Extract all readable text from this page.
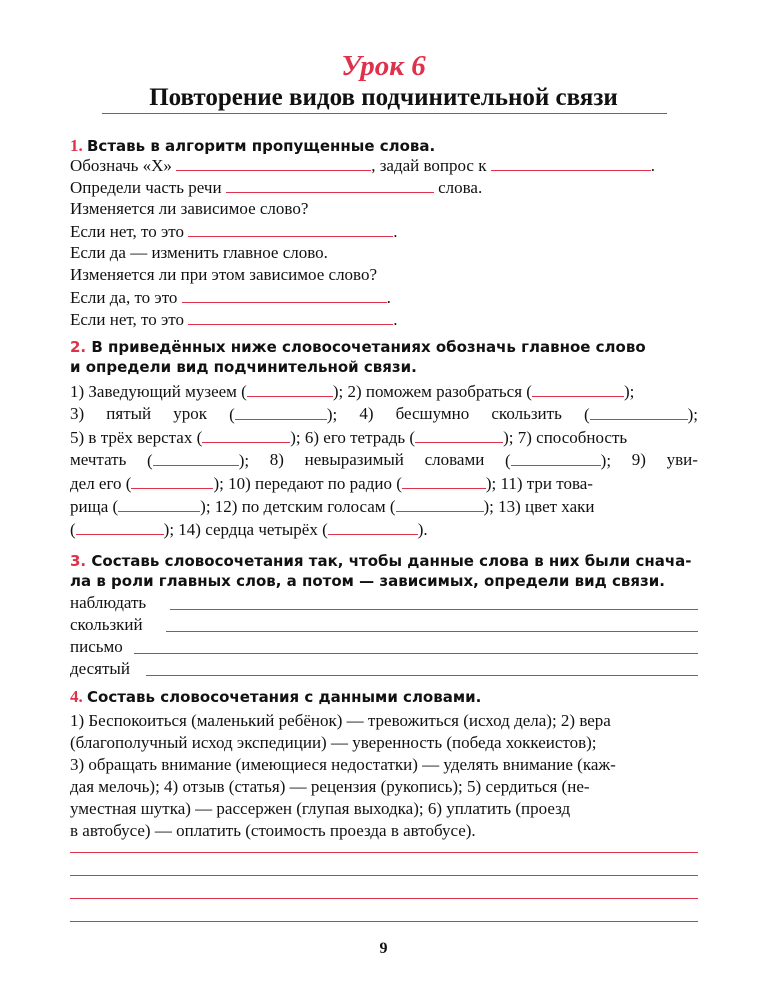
Урок 6
Повторение видов подчинительной связи
1. Вставь в алгоритм пропущенные слова.
Обозначь «Х»	, задай вопрос к	.
Определи часть речи	слова.
Изменяется ли зависимое слово?
Если нет, то это	.
Если да — изменить главное слово.
Изменяется ли при этом зависимое слово?
Если да, то это	.
Если нет, то это	.
2. В приведённых ниже словосочетаниях обозначь главное слово
и определи вид подчинительной связи.
1) Заведующий музеем (	); 2) поможем разобраться (	);
3) пятый урок (	); 4) бесшумно скользить (	);
5) в трёх верстах (	); 6) его тетрадь (	); 7) способность
мечтать (	); 8) невыразимый словами (	); 9) уви-
дел его (	); 10) передают по радио (	); 11) три това-
рища (	); 12) по детским голосам (	); 13) цвет хаки
(	); 14) сердца четырёх (	).
3. Составь словосочетания так, чтобы данные слова в них были снача-
ла в роли главных слов, а потом — зависимых, определи вид связи.
наблюдать
скользкий
письмо
десятый
4. Составь словосочетания с данными словами.
1) Беспокоиться (маленький ребёнок) — тревожиться (исход дела); 2) вера
(благополучный исход экспедиции) — уверенность (победа хоккеистов);
3) обращать внимание (имеющиеся недостатки) — уделять внимание (каж-
дая мелочь); 4) отзыв (статья) — рецензия (рукопись); 5) сердиться (не-
уместная шутка) — рассержен (глупая выходка); 6) уплатить (проезд
в автобусе) — оплатить (стоимость проезда в автобусе).
9
